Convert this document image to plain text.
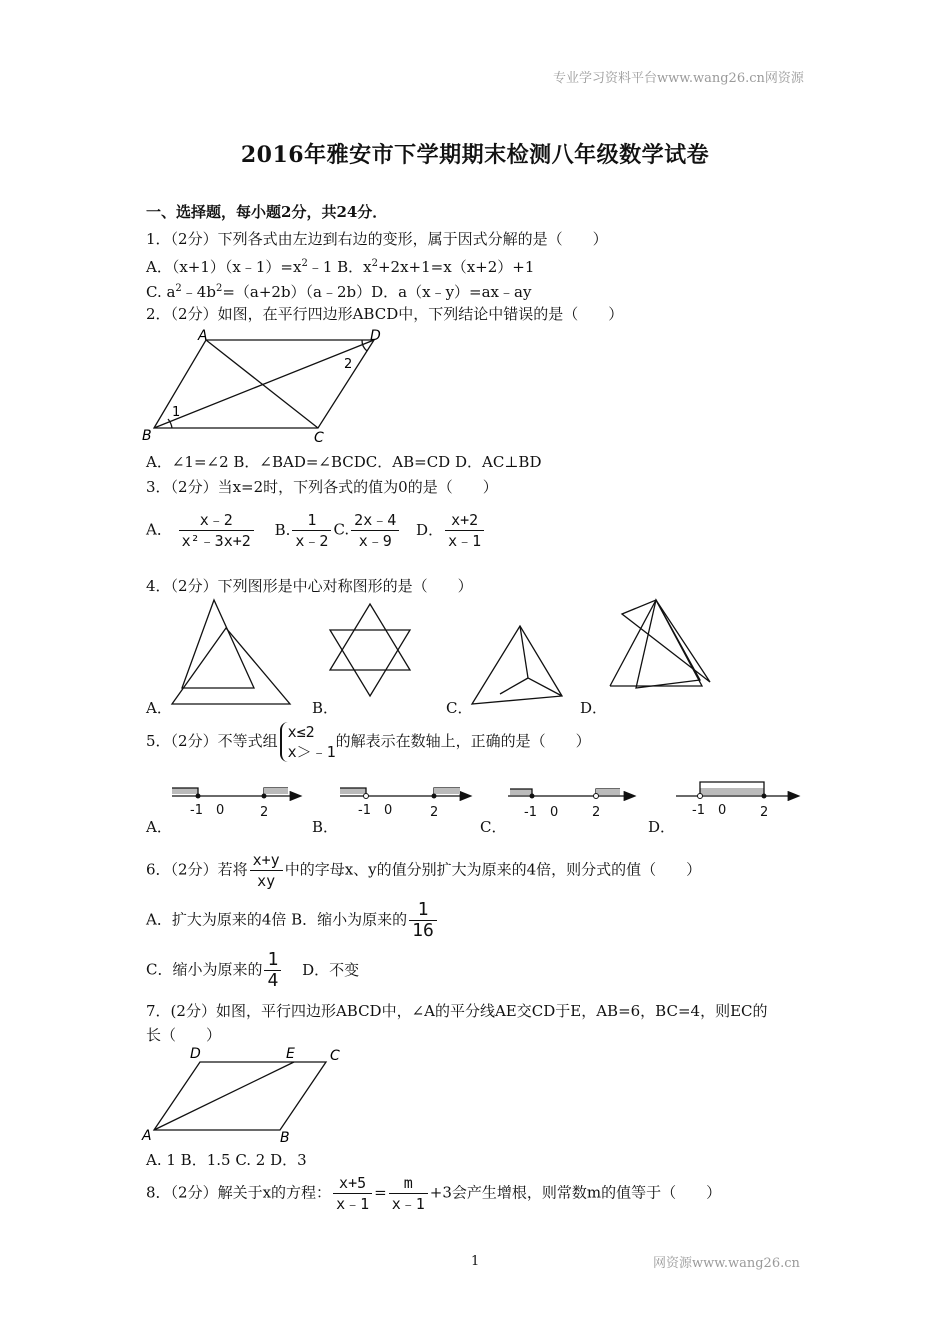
专业学习资料平台www.wang26.cn网资源
2016年雅安市下学期期末检测八年级数学试卷
一、选择题，每小题2分，共24分．
1．（2分）下列各式由左边到右边的变形，属于因式分解的是（　　）
A．$(x+1)(x﹣1)=x^2﹣1$ B．$x^2+2x+1=x(x+2)+1$
C. $a^2﹣4b^2=(a+2b)(a﹣2b)D$．a（x﹣y）=ax﹣ay
2．（2分）如图，在平行四边形ABCD中，下列结论中错误的是（　　）
A	D
B	C
1
2
A．∠1=∠2 B．∠BAD=∠BCDC．AB=CD D．AC⊥BD
3．（2分）当x=2时，下列各式的值为0的是（　　）
A． $\frac{x﹣2}{\text{x²﹣3x+2}} B$. $\frac{1}{x﹣2} C$. $\frac{2x﹣4}{x﹣9}$ D． $\frac{x+2}{x﹣1}$
4．（2分）下列图形是中心对称图形的是（　　）
A．	B．	C．	D．
5．（2分）不等式组 x≤2
x＞﹣1
的解表示在数轴上，正确的是（　　）
-1 0	2	-1 0	2	-1 0	2	-1 0	2
A．	B．	C．	D．
6．（2分）若将 $\frac{x+y}{xy}$ 中的字母x、y的值分别扩大为原来的4倍，则分式的值（　　）
A．扩大为原来的4倍 B．缩小为原来的 $\frac{1}{16}$
C．缩小为原来的 $\frac{1}{4}$ D．不变
7．(2分）如图，平行四边形ABCD中，∠A的平分线AE交CD于E，AB=6，BC=4，则EC的
长（　　）
D	E	C
A	B
A. 1 B．1.5 C. 2 D．3
8．（2分）解关于x的方程： $\frac{x+5}{x﹣1} = \frac{m}{x﹣1} +3$会产生增根，则常数m的值等于（　　）
1	网资源www.wang26.cn
